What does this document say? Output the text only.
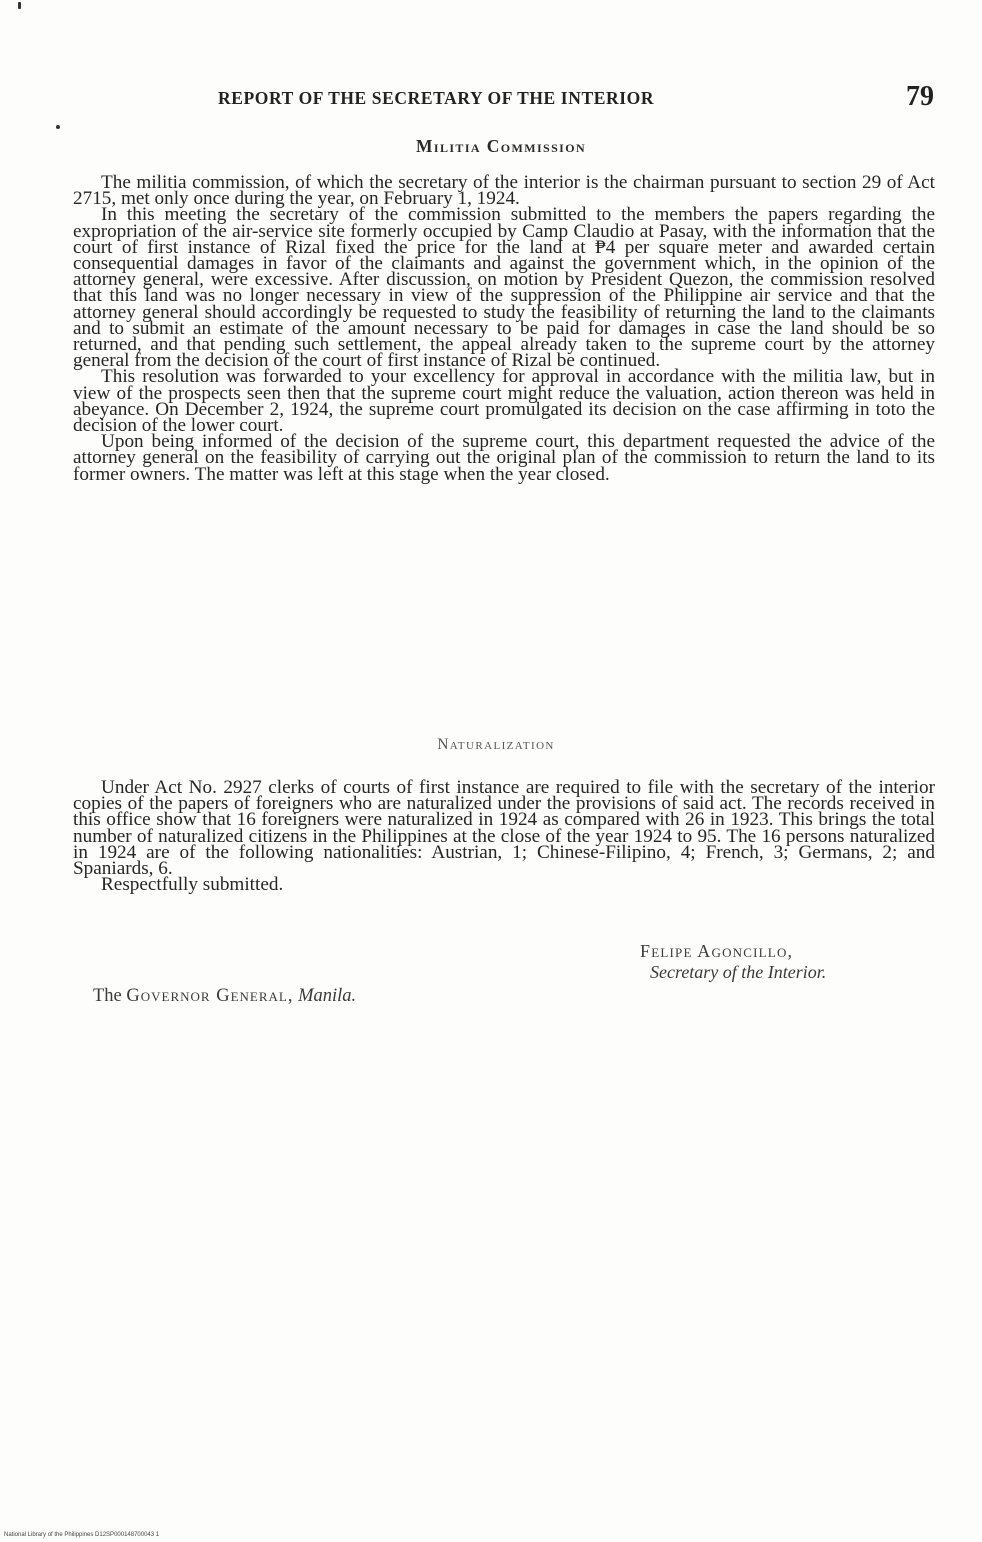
REPORT OF THE SECRETARY OF THE INTERIOR	79
Militia Commission

The militia commission, of which the secretary of the interior is the chairman pursuant to section 29 of Act 2715, met only once during the year, on February 1, 1924.

In this meeting the secretary of the commission submitted to the members the papers regarding the expropriation of the air-service site formerly occupied by Camp Claudio at Pasay, with the information that the court of first instance of Rizal fixed the price for the land at ₱4 per square meter and awarded certain consequential damages in favor of the claimants and against the government which, in the opinion of the attorney general, were excessive. After discussion, on motion by President Quezon, the commission resolved that this land was no longer necessary in view of the suppression of the Philippine air service and that the attorney general should accordingly be requested to study the feasibility of returning the land to the claimants and to submit an estimate of the amount necessary to be paid for damages in case the land should be so returned, and that pending such settlement, the appeal already taken to the supreme court by the attorney general from the decision of the court of first instance of Rizal be continued.

This resolution was forwarded to your excellency for approval in accordance with the militia law, but in view of the prospects seen then that the supreme court might reduce the valuation, action thereon was held in abeyance. On December 2, 1924, the supreme court promulgated its decision on the case affirming in toto the decision of the lower court.

Upon being informed of the decision of the supreme court, this department requested the advice of the attorney general on the feasibility of carrying out the original plan of the commission to return the land to its former owners. The matter was left at this stage when the year closed.

Naturalization

Under Act No. 2927 clerks of courts of first instance are required to file with the secretary of the interior copies of the papers of foreigners who are naturalized under the provisions of said act. The records received in this office show that 16 foreigners were naturalized in 1924 as compared with 26 in 1923. This brings the total number of naturalized citizens in the Philippines at the close of the year 1924 to 95. The 16 persons naturalized in 1924 are of the following nationalities: Austrian, 1; Chinese-Filipino, 4; French, 3; Germans, 2; and Spaniards, 6.

Respectfully submitted.

Felipe Agoncillo,
Secretary of the Interior.
The Governor General, Manila.
National Library of the Philippines D12SP000148700043 1
